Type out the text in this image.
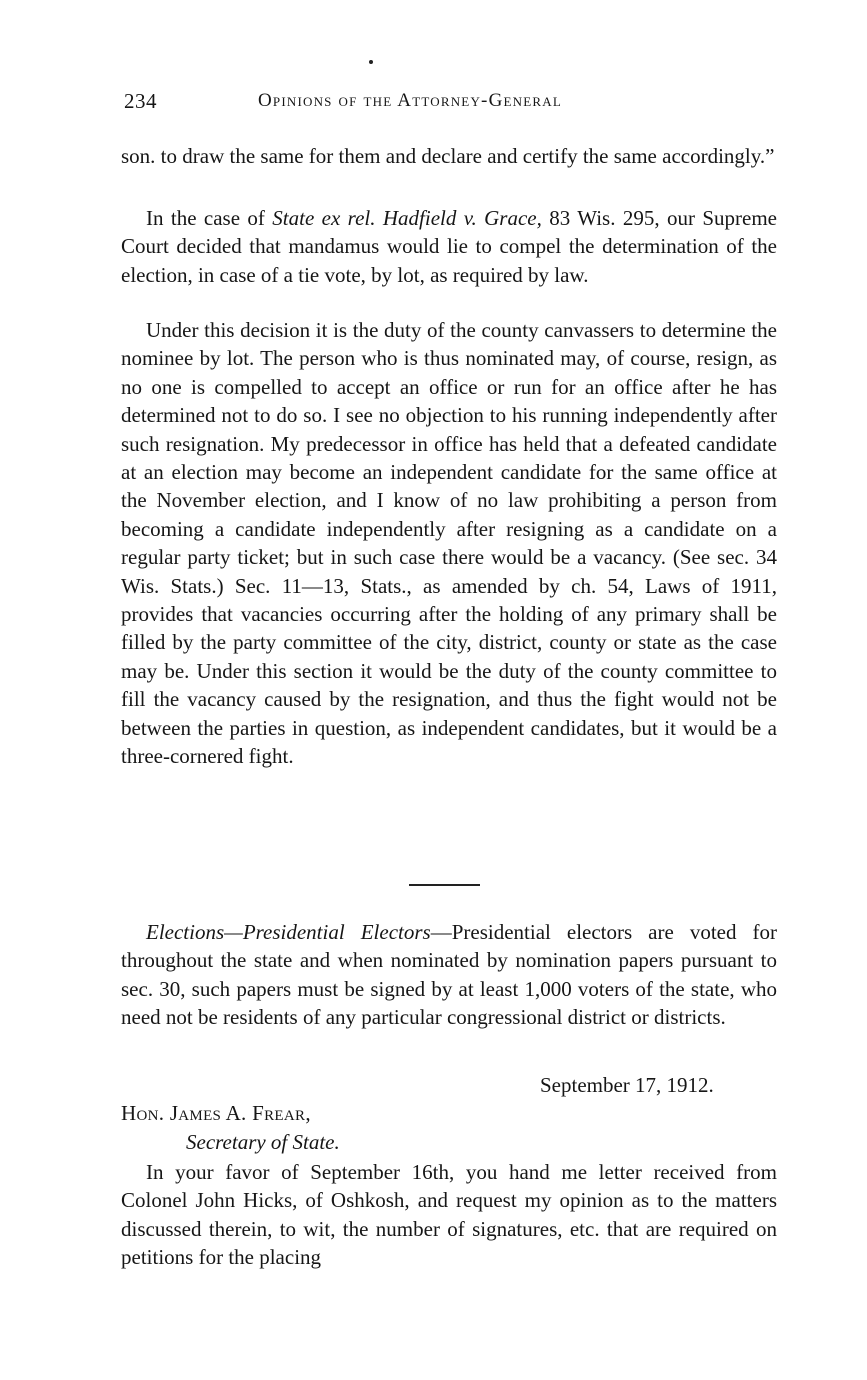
234	Opinions of the Attorney-General

son. to draw the same for them and declare and certify the same accordingly.”

In the case of State ex rel. Hadfield v. Grace, 83 Wis. 295, our Supreme Court decided that mandamus would lie to compel the determination of the election, in case of a tie vote, by lot, as required by law.

Under this decision it is the duty of the county canvassers to determine the nominee by lot. The person who is thus nominated may, of course, resign, as no one is compelled to accept an office or run for an office after he has determined not to do so. I see no objection to his running independently after such resignation. My predecessor in office has held that a defeated candidate at an election may become an independent candidate for the same office at the November election, and I know of no law prohibiting a person from becoming a candidate independently after resigning as a candidate on a regular party ticket; but in such case there would be a vacancy. (See sec. 34 Wis. Stats.) Sec. 11—13, Stats., as amended by ch. 54, Laws of 1911, provides that vacancies occurring after the holding of any primary shall be filled by the party committee of the city, district, county or state as the case may be. Under this section it would be the duty of the county committee to fill the vacancy caused by the resignation, and thus the fight would not be between the parties in question, as independent candidates, but it would be a three-cornered fight.

Elections—Presidential Electors—Presidential electors are voted for throughout the state and when nominated by nomination papers pursuant to sec. 30, such papers must be signed by at least 1,000 voters of the state, who need not be residents of any particular congressional district or districts.

September 17, 1912.
Hon. James A. Frear,
Secretary of State.

In your favor of September 16th, you hand me letter received from Colonel John Hicks, of Oshkosh, and request my opinion as to the matters discussed therein, to wit, the number of signatures, etc. that are required on petitions for the placing
